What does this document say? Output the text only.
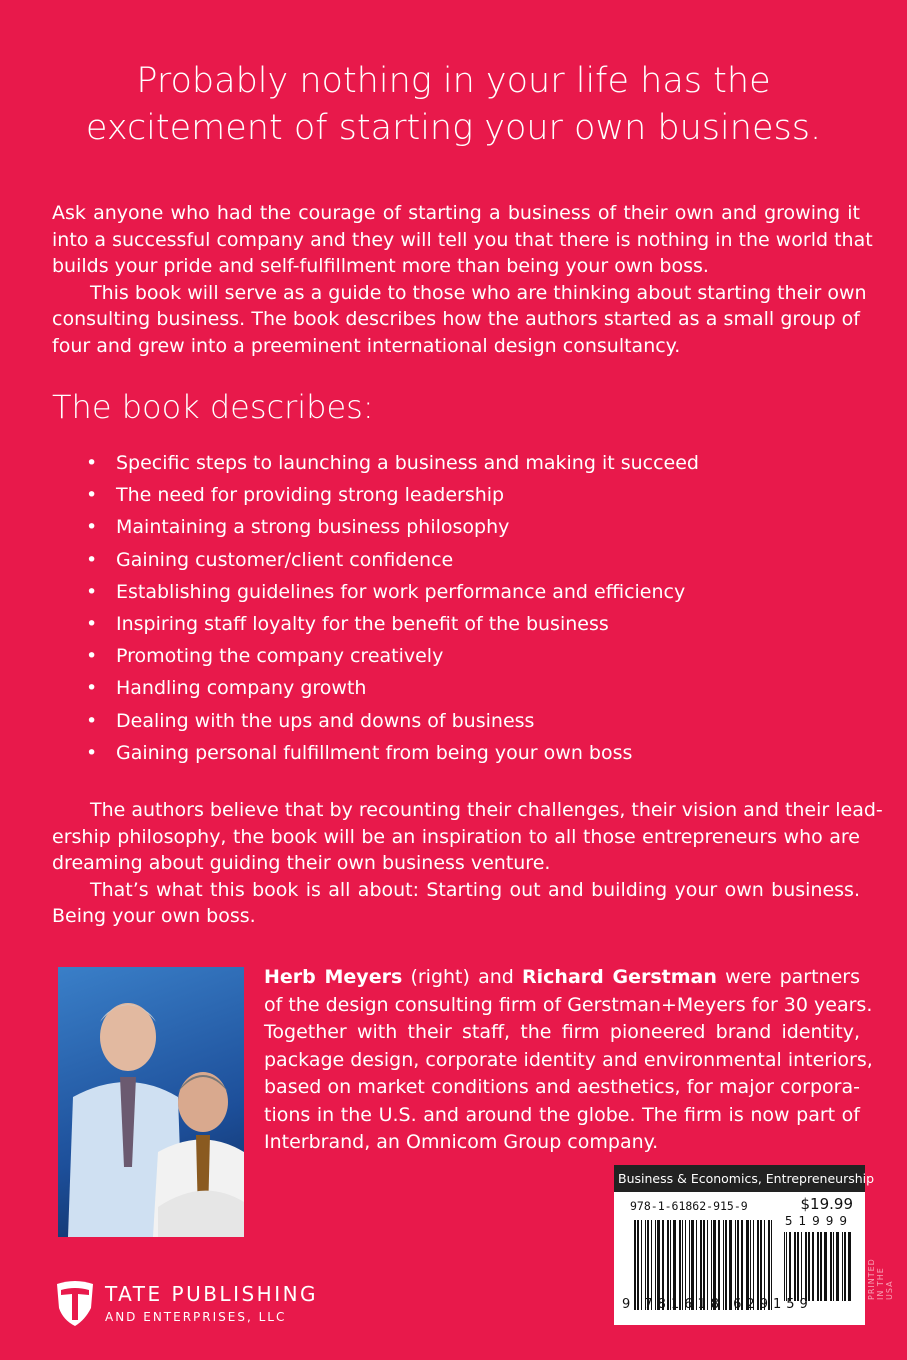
Probably nothing in your life has the
excitement of starting your own business.
Ask anyone who had the courage of starting a business of their own and growing it
into a successful company and they will tell you that there is nothing in the world that
builds your pride and self-fulfillment more than being your own boss.
This book will serve as a guide to those who are thinking about starting their own
consulting business. The book describes how the authors started as a small group of
four and grew into a preeminent international design consultancy.
The book describes:
• Specific steps to launching a business and making it succeed
• The need for providing strong leadership
• Maintaining a strong business philosophy
• Gaining customer/client confidence
• Establishing guidelines for work performance and efficiency
• Inspiring staff loyalty for the benefit of the business
• Promoting the company creatively
• Handling company growth
• Dealing with the ups and downs of business
• Gaining personal fulfillment from being your own boss
The authors believe that by recounting their challenges, their vision and their lead-
ership philosophy, the book will be an inspiration to all those entrepreneurs who are
dreaming about guiding their own business venture.
That’s what this book is all about: Starting out and building your own business.
Being your own boss.
Herb Meyers (right) and Richard Gerstman were partners
of the design consulting firm of Gerstman+Meyers for 30 years.
Together with their staff, the firm pioneered brand identity,
package design, corporate identity and environmental interiors,
based on market conditions and aesthetics, for major corpora-
tions in the U.S. and around the globe. The firm is now part of
Interbrand, an Omnicom Group company.
Business & Economics, Entrepreneurship
978-1-61862-915-9	$19.99
51999
9 781618 629159
PRINTED IN THE USA
TATE PUBLISHING
AND ENTERPRISES, LLC
